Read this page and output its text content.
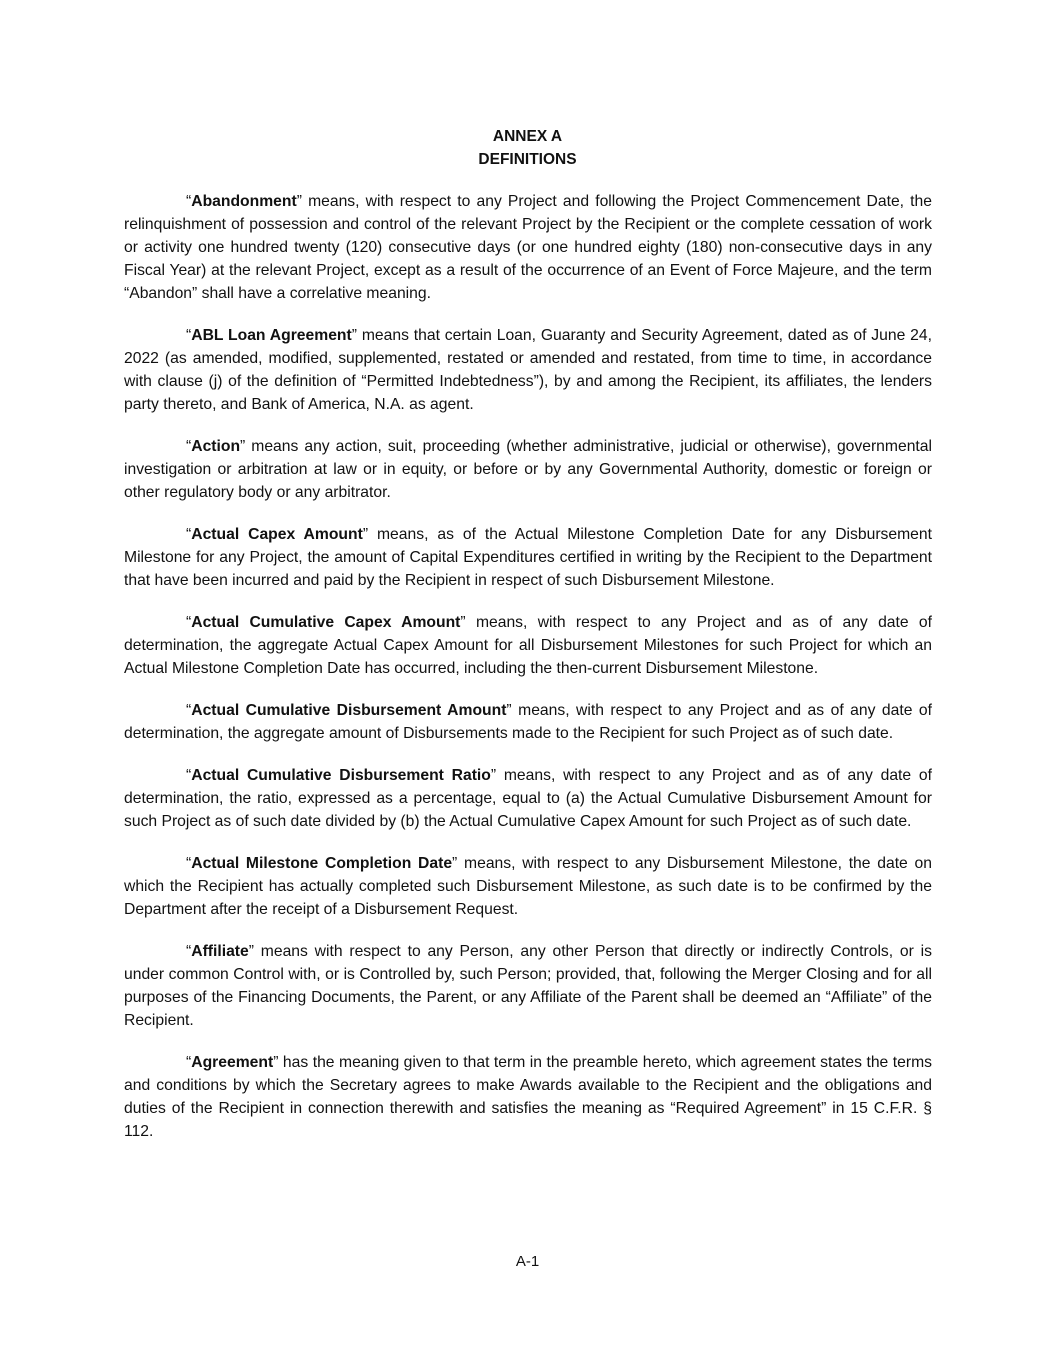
ANNEX A
DEFINITIONS

“Abandonment” means, with respect to any Project and following the Project Commencement Date, the relinquishment of possession and control of the relevant Project by the Recipient or the complete cessation of work or activity one hundred twenty (120) consecutive days (or one hundred eighty (180) non-consecutive days in any Fiscal Year) at the relevant Project, except as a result of the occurrence of an Event of Force Majeure, and the term “Abandon” shall have a correlative meaning.

“ABL Loan Agreement” means that certain Loan, Guaranty and Security Agreement, dated as of June 24, 2022 (as amended, modified, supplemented, restated or amended and restated, from time to time, in accordance with clause (j) of the definition of “Permitted Indebtedness”), by and among the Recipient, its affiliates, the lenders party thereto, and Bank of America, N.A. as agent.

“Action” means any action, suit, proceeding (whether administrative, judicial or otherwise), governmental investigation or arbitration at law or in equity, or before or by any Governmental Authority, domestic or foreign or other regulatory body or any arbitrator.

“Actual Capex Amount” means, as of the Actual Milestone Completion Date for any Disbursement Milestone for any Project, the amount of Capital Expenditures certified in writing by the Recipient to the Department that have been incurred and paid by the Recipient in respect of such Disbursement Milestone.

“Actual Cumulative Capex Amount” means, with respect to any Project and as of any date of determination, the aggregate Actual Capex Amount for all Disbursement Milestones for such Project for which an Actual Milestone Completion Date has occurred, including the then-current Disbursement Milestone.

“Actual Cumulative Disbursement Amount” means, with respect to any Project and as of any date of determination, the aggregate amount of Disbursements made to the Recipient for such Project as of such date.

“Actual Cumulative Disbursement Ratio” means, with respect to any Project and as of any date of determination, the ratio, expressed as a percentage, equal to (a) the Actual Cumulative Disbursement Amount for such Project as of such date divided by (b) the Actual Cumulative Capex Amount for such Project as of such date.

“Actual Milestone Completion Date” means, with respect to any Disbursement Milestone, the date on which the Recipient has actually completed such Disbursement Milestone, as such date is to be confirmed by the Department after the receipt of a Disbursement Request.

“Affiliate” means with respect to any Person, any other Person that directly or indirectly Controls, or is under common Control with, or is Controlled by, such Person; provided, that, following the Merger Closing and for all purposes of the Financing Documents, the Parent, or any Affiliate of the Parent shall be deemed an “Affiliate” of the Recipient.

“Agreement” has the meaning given to that term in the preamble hereto, which agreement states the terms and conditions by which the Secretary agrees to make Awards available to the Recipient and the obligations and duties of the Recipient in connection therewith and satisfies the meaning as “Required Agreement” in 15 C.F.R. § 112.

A-1
